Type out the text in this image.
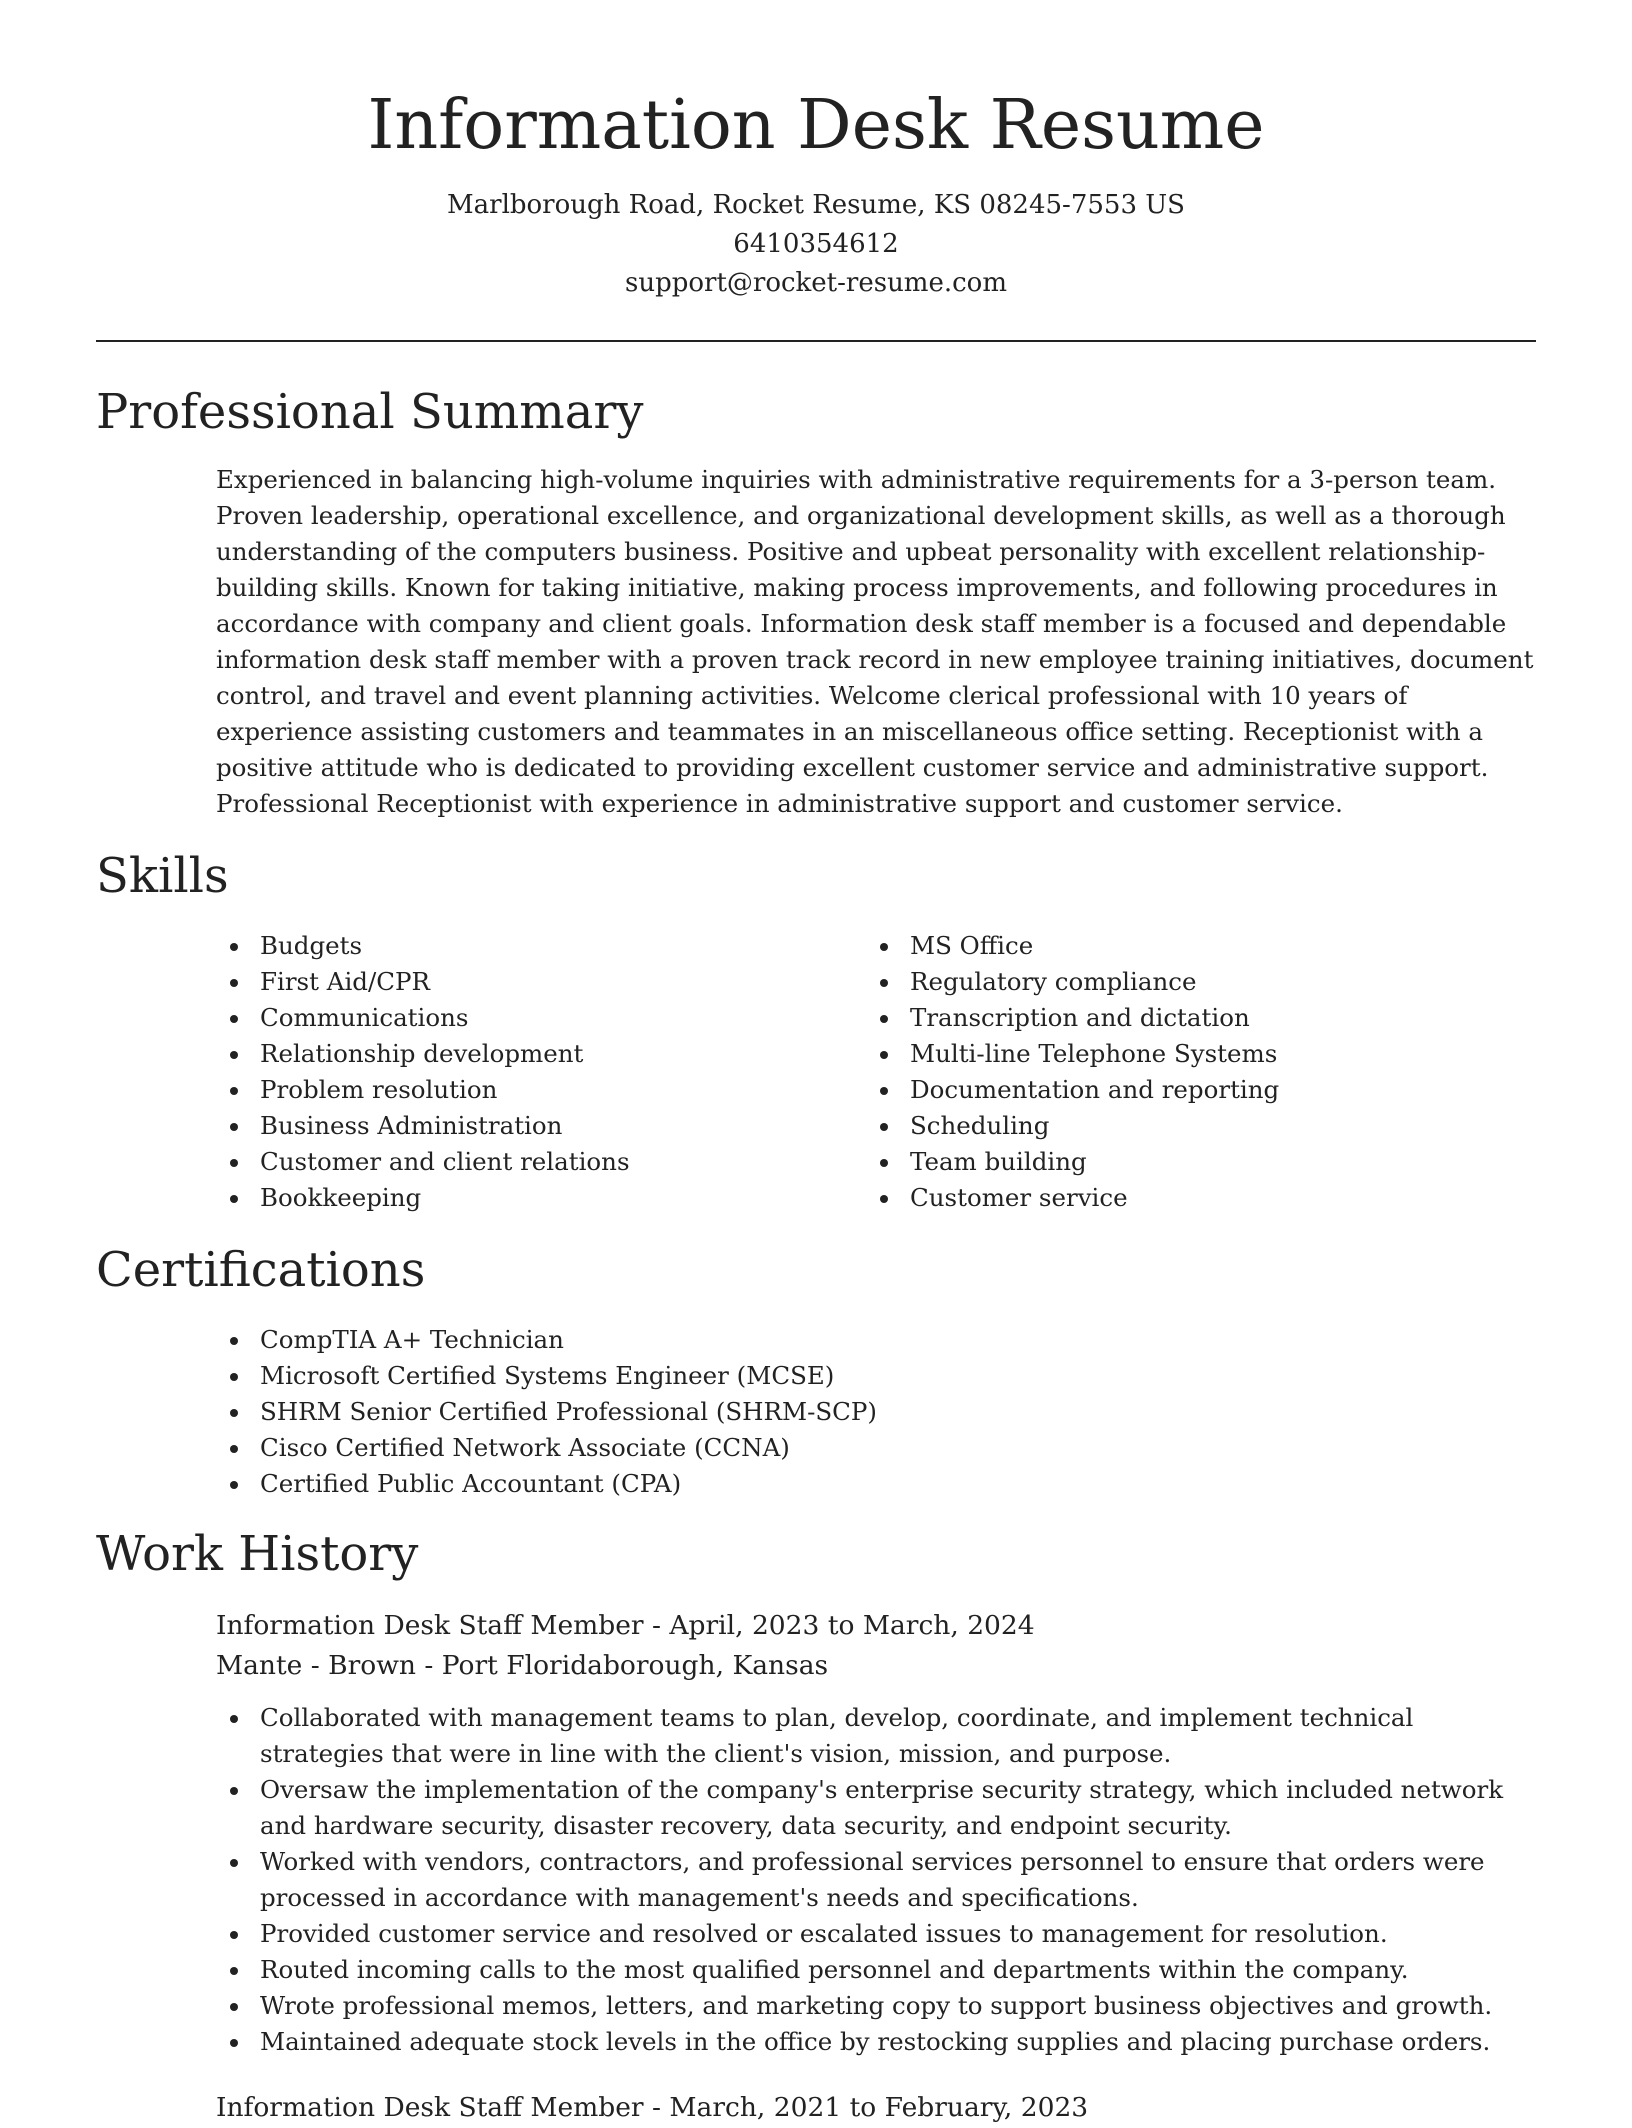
Information Desk Resume

Marlborough Road, Rocket Resume, KS 08245-7553 US

6410354612

support@rocket-resume.com

Professional Summary

Experienced in balancing high-volume inquiries with administrative requirements for a 3-person team. Proven leadership, operational excellence, and organizational development skills, as well as a thorough understanding of the computers business. Positive and upbeat personality with excellent relationship-building skills. Known for taking initiative, making process improvements, and following procedures in accordance with company and client goals. Information desk staff member is a focused and dependable information desk staff member with a proven track record in new employee training initiatives, document control, and travel and event planning activities. Welcome clerical professional with 10 years of experience assisting customers and teammates in an miscellaneous office setting. Receptionist with a positive attitude who is dedicated to providing excellent customer service and administrative support. Professional Receptionist with experience in administrative support and customer service.

Skills
Budgets
First Aid/CPR
Communications
Relationship development
Problem resolution
Business Administration
Customer and client relations
Bookkeeping
MS Office
Regulatory compliance
Transcription and dictation
Multi-line Telephone Systems
Documentation and reporting
Scheduling
Team building
Customer service
Certifications
CompTIA A+ Technician
Microsoft Certified Systems Engineer (MCSE)
SHRM Senior Certified Professional (SHRM-SCP)
Cisco Certified Network Associate (CCNA)
Certified Public Accountant (CPA)
Work History

Information Desk Staff Member - April, 2023 to March, 2024

Mante - Brown - Port Floridaborough, Kansas

Collaborated with management teams to plan, develop, coordinate, and implement technical strategies that were in line with the client's vision, mission, and purpose.
Oversaw the implementation of the company's enterprise security strategy, which included network and hardware security, disaster recovery, data security, and endpoint security.
Worked with vendors, contractors, and professional services personnel to ensure that orders were processed in accordance with management's needs and specifications.
Provided customer service and resolved or escalated issues to management for resolution.
Routed incoming calls to the most qualified personnel and departments within the company.
Wrote professional memos, letters, and marketing copy to support business objectives and growth.
Maintained adequate stock levels in the office by restocking supplies and placing purchase orders.

Information Desk Staff Member - March, 2021 to February, 2023
